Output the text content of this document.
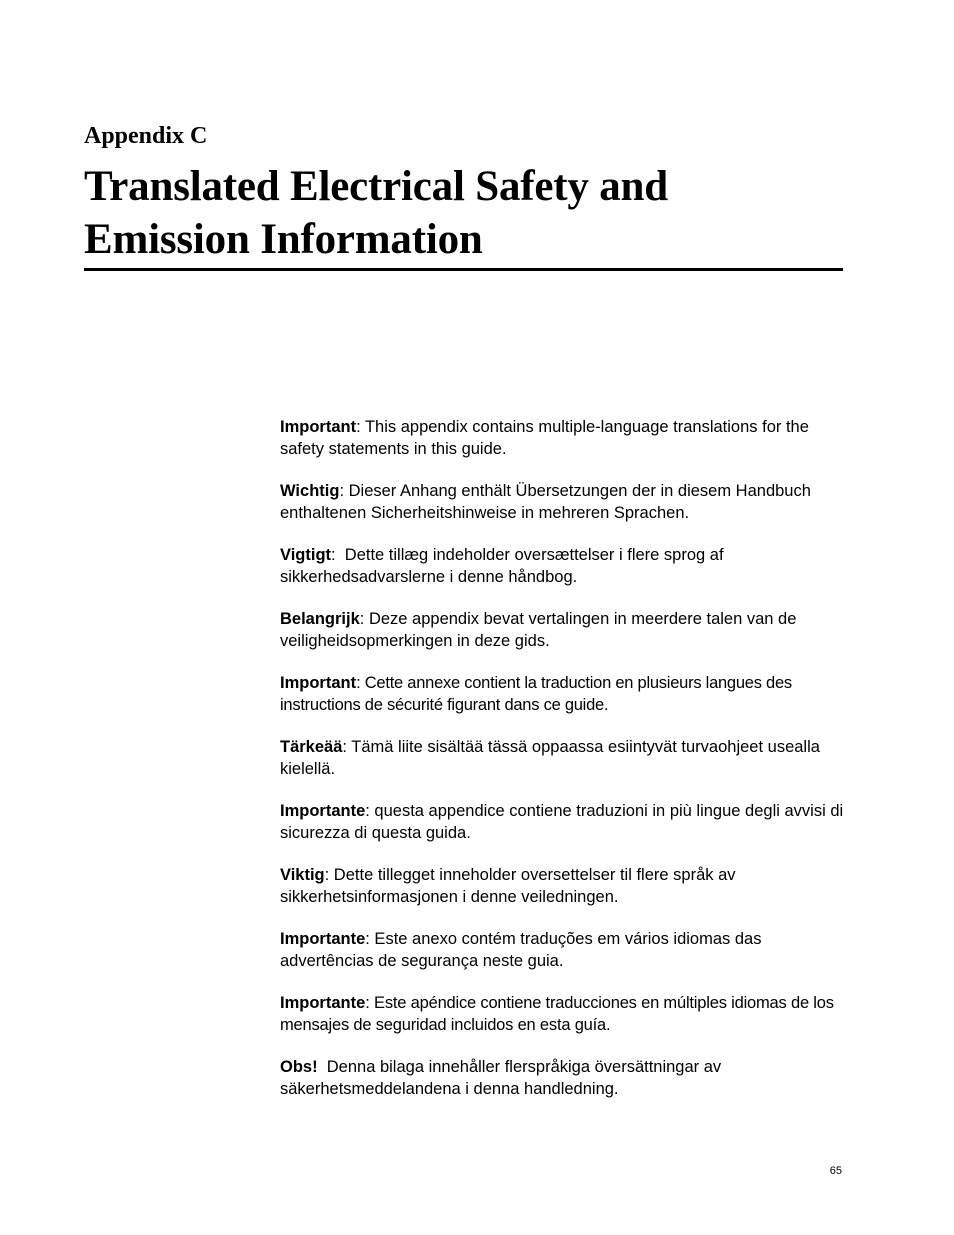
Appendix C
Translated Electrical Safety and Emission Information

Important: This appendix contains multiple-language translations for the safety statements in this guide.

Wichtig: Dieser Anhang enthält Übersetzungen der in diesem Handbuch enthaltenen Sicherheitshinweise in mehreren Sprachen.

Vigtigt:  Dette tillæg indeholder oversættelser i flere sprog af sikkerhedsadvarslerne i denne håndbog.

Belangrijk: Deze appendix bevat vertalingen in meerdere talen van de veiligheidsopmerkingen in deze gids.

Important: Cette annexe contient la traduction en plusieurs langues des instructions de sécurité figurant dans ce guide.

Tärkeää: Tämä liite sisältää tässä oppaassa esiintyvät turvaohjeet usealla kielellä.

Importante: questa appendice contiene traduzioni in più lingue degli avvisi di sicurezza di questa guida.

Viktig: Dette tillegget inneholder oversettelser til flere språk av sikkerhetsinformasjonen i denne veiledningen.

Importante: Este anexo contém traduções em vários idiomas das advertências de segurança neste guia.

Importante: Este apéndice contiene traducciones en múltiples idiomas de los mensajes de seguridad incluidos en esta guía.

Obs!  Denna bilaga innehåller flerspråkiga översättningar av säkerhetsmeddelandena i denna handledning.

65
